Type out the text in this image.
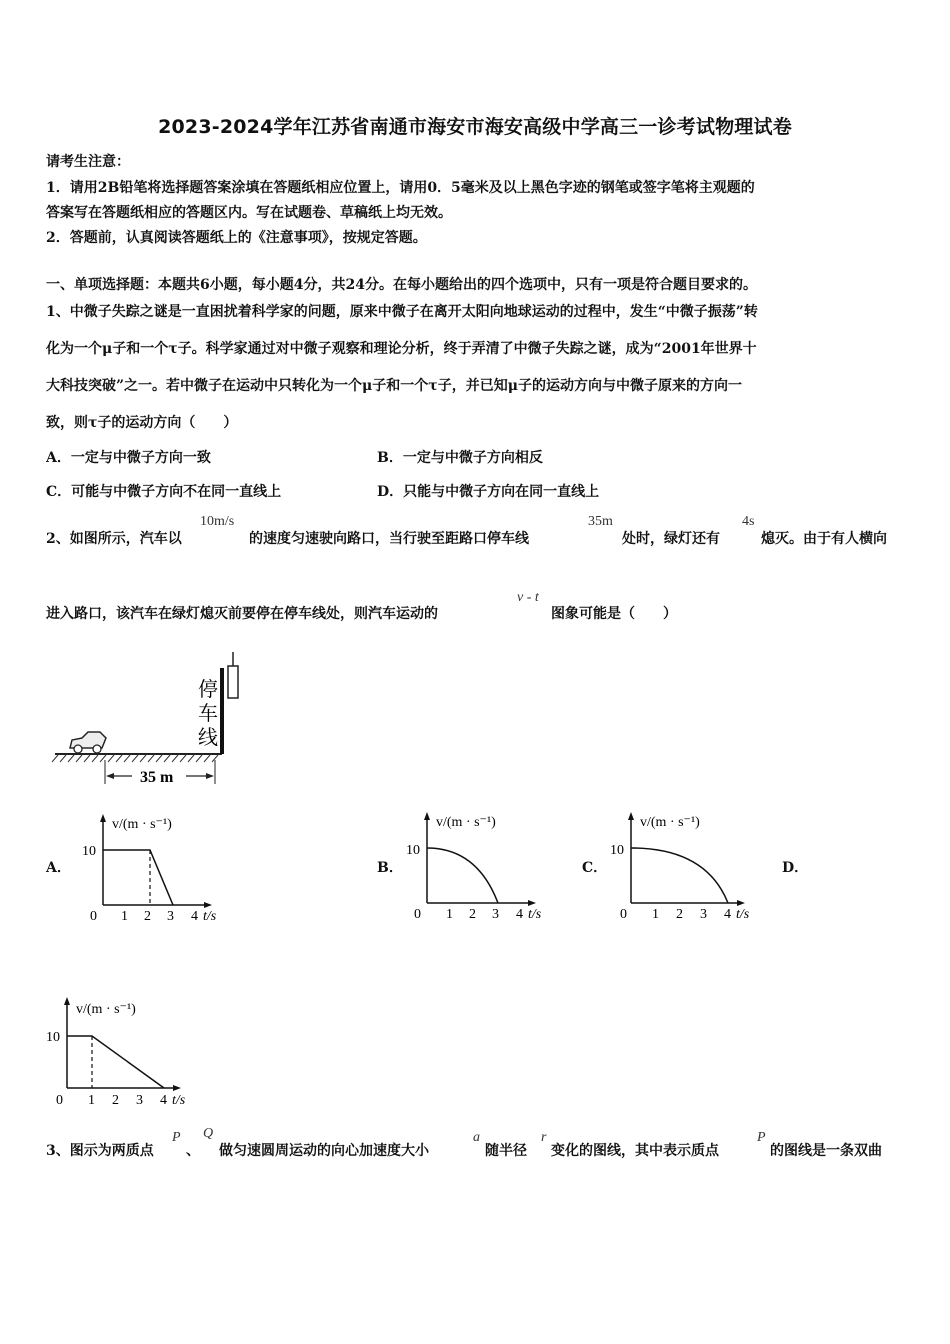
2023-2024学年江苏省南通市海安市海安高级中学高三一诊考试物理试卷
请考生注意：
1．请用2B铅笔将选择题答案涂填在答题纸相应位置上，请用0．5毫米及以上黑色字迹的钢笔或签字笔将主观题的
答案写在答题纸相应的答题区内。写在试题卷、草稿纸上均无效。
2．答题前，认真阅读答题纸上的《注意事项》，按规定答题。
一、单项选择题：本题共6小题，每小题4分，共24分。在每小题给出的四个选项中，只有一项是符合题目要求的。
1、中微子失踪之谜是一直困扰着科学家的问题，原来中微子在离开太阳向地球运动的过程中，发生“中微子振荡”转
化为一个μ子和一个τ子。科学家通过对中微子观察和理论分析，终于弄清了中微子失踪之谜，成为“2001年世界十
大科技突破”之一。若中微子在运动中只转化为一个μ子和一个τ子，并已知μ子的运动方向与中微子原来的方向一
致，则τ子的运动方向（　　）
A．一定与中微子方向一致	B．一定与中微子方向相反
C．可能与中微子方向不在同一直线上	D．只能与中微子方向在同一直线上
2、如图所示，汽车以
10m/s
的速度匀速驶向路口，当行驶至距路口停车线
35m
处时，绿灯还有
4s
熄灭。由于有人横向
进入路口，该汽车在绿灯熄灭前要停在停车线处，则汽车运动的
v - t
图象可能是（　　）
停
车
线
35 m
A．	B．	C．	D．
v/(m · s⁻¹)
10
0 1 2 3 4 t/s
v/(m · s⁻¹)
10
0 1 2 3 4 t/s
v/(m · s⁻¹)
10
0 1 2 3 4 t/s
v/(m · s⁻¹)
10
0 1 2 3 4 t/s
3、图示为两质点
P
、
Q
做匀速圆周运动的向心加速度大小
a
随半径
r
变化的图线，其中表示质点
P
的图线是一条双曲
